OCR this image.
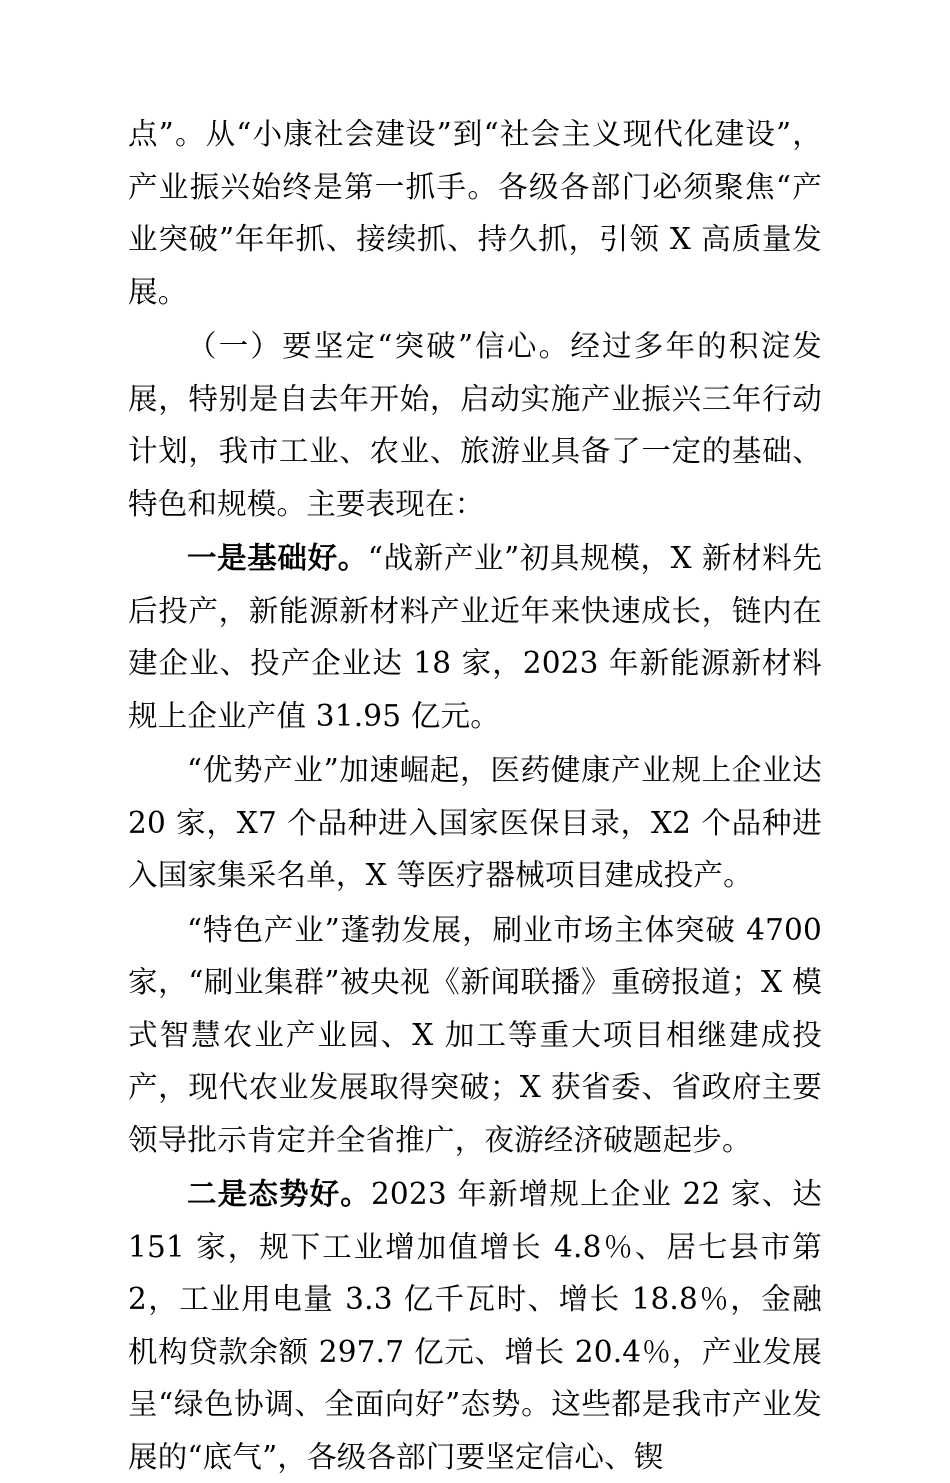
点”。从“小康社会建设”到“社会主义现代化建设”，产业振兴始终是第一抓手。各级各部门必须聚焦“产业突破”年年抓、接续抓、持久抓，引领 X 高质量发展。

（一）要坚定“突破”信心。经过多年的积淀发展，特别是自去年开始，启动实施产业振兴三年行动计划，我市工业、农业、旅游业具备了一定的基础、特色和规模。主要表现在：

一是基础好。“战新产业”初具规模，X 新材料先后投产，新能源新材料产业近年来快速成长，链内在建企业、投产企业达 18 家，2023 年新能源新材料规上企业产值 31.95 亿元。

“优势产业”加速崛起，医药健康产业规上企业达 20 家，X7 个品种进入国家医保目录，X2 个品种进入国家集采名单，X 等医疗器械项目建成投产。

“特色产业”蓬勃发展，刷业市场主体突破 4700 家，“刷业集群”被央视《新闻联播》重磅报道；X 模式智慧农业产业园、X 加工等重大项目相继建成投产，现代农业发展取得突破；X 获省委、省政府主要领导批示肯定并全省推广，夜游经济破题起步。

二是态势好。2023 年新增规上企业 22 家、达 151 家，规下工业增加值增长 4.8％、居七县市第 2，工业用电量 3.3 亿千瓦时、增长 18.8％，金融机构贷款余额 297.7 亿元、增长 20.4％，产业发展呈“绿色协调、全面向好”态势。这些都是我市产业发展的“底气”，各级各部门要坚定信心、锲
